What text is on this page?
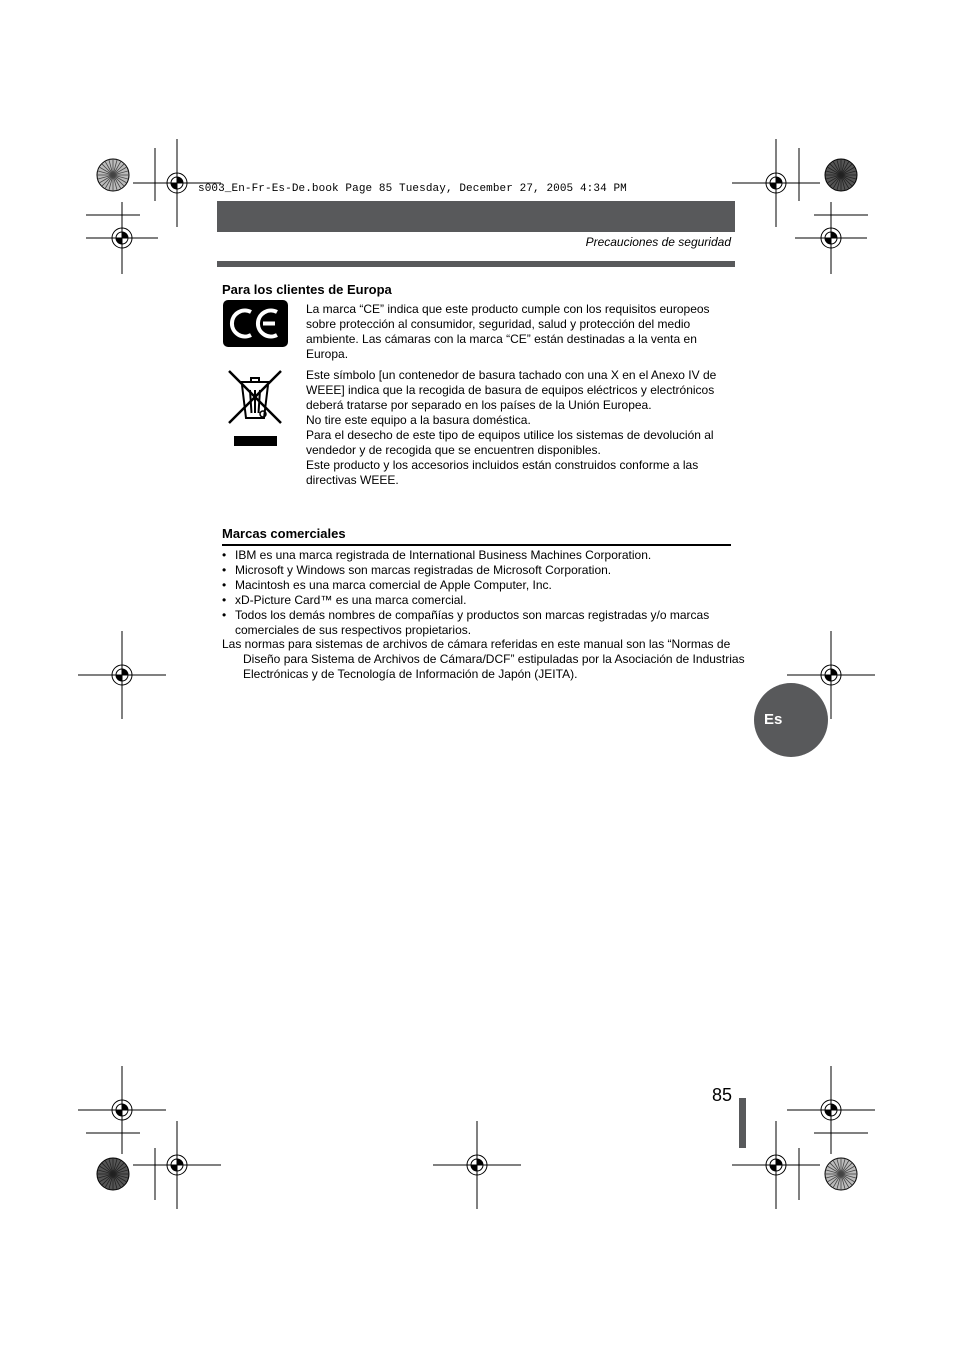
s003_En-Fr-Es-De.book Page 85 Tuesday, December 27, 2005 4:34 PM
Precauciones de seguridad
Para los clientes de Europa
La marca “CE” indica que este producto cumple con los requisitos europeos sobre protección al consumidor, seguridad, salud y protección del medio ambiente. Las cámaras con la marca “CE” están destinadas a la venta en Europa.
Este símbolo [un contenedor de basura tachado con una X en el Anexo IV de WEEE] indica que la recogida de basura de equipos eléctricos y electrónicos deberá tratarse por separado en los países de la Unión Europea.
No tire este equipo a la basura doméstica.
Para el desecho de este tipo de equipos utilice los sistemas de devolución al vendedor y de recogida que se encuentren disponibles.
Este producto y los accesorios incluidos están construidos conforme a las directivas WEEE.
Marcas comerciales
• IBM es una marca registrada de International Business Machines Corporation.
• Microsoft y Windows son marcas registradas de Microsoft Corporation.
• Macintosh es una marca comercial de Apple Computer, Inc.
• xD-Picture Card™ es una marca comercial.
• Todos los demás nombres de compañías y productos son marcas registradas y/o marcas comerciales de sus respectivos propietarios.
Las normas para sistemas de archivos de cámara referidas en este manual son las “Normas de Diseño para Sistema de Archivos de Cámara/DCF” estipuladas por la Asociación de Industrias Electrónicas y de Tecnología de Información de Japón (JEITA).
Es
85
